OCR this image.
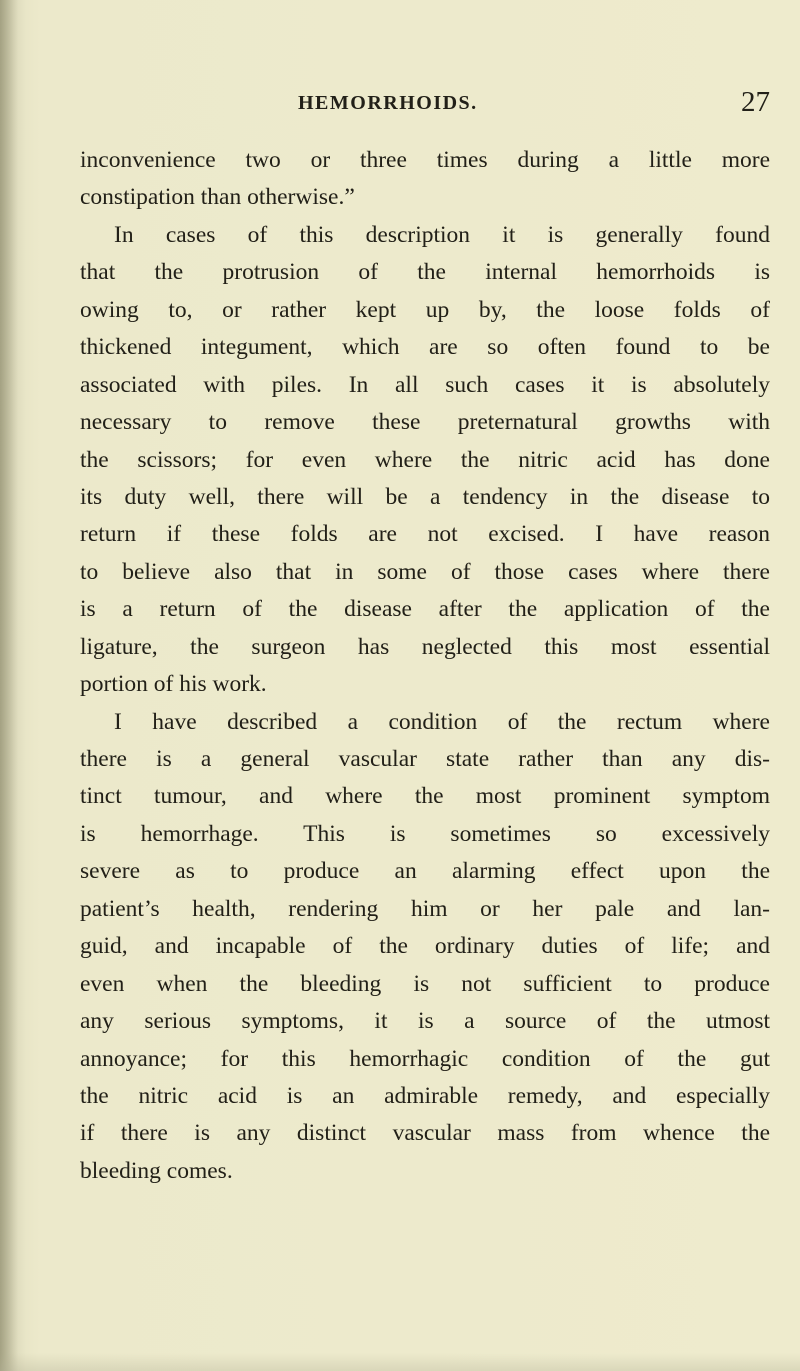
HEMORRHOIDS.	27
inconvenience two or three times during a little more
constipation than otherwise.”
In cases of this description it is generally found
that the protrusion of the internal hemorrhoids is
owing to, or rather kept up by, the loose folds of
thickened integument, which are so often found to be
associated with piles. In all such cases it is absolutely
necessary to remove these preternatural growths with
the scissors; for even where the nitric acid has done
its duty well, there will be a tendency in the disease to
return if these folds are not excised. I have reason
to believe also that in some of those cases where there
is a return of the disease after the application of the
ligature, the surgeon has neglected this most essential
portion of his work.
I have described a condition of the rectum where
there is a general vascular state rather than any dis-
tinct tumour, and where the most prominent symptom
is hemorrhage. This is sometimes so excessively
severe as to produce an alarming effect upon the
patient’s health, rendering him or her pale and lan-
guid, and incapable of the ordinary duties of life; and
even when the bleeding is not sufficient to produce
any serious symptoms, it is a source of the utmost
annoyance; for this hemorrhagic condition of the gut
the nitric acid is an admirable remedy, and especially
if there is any distinct vascular mass from whence the
bleeding comes.
